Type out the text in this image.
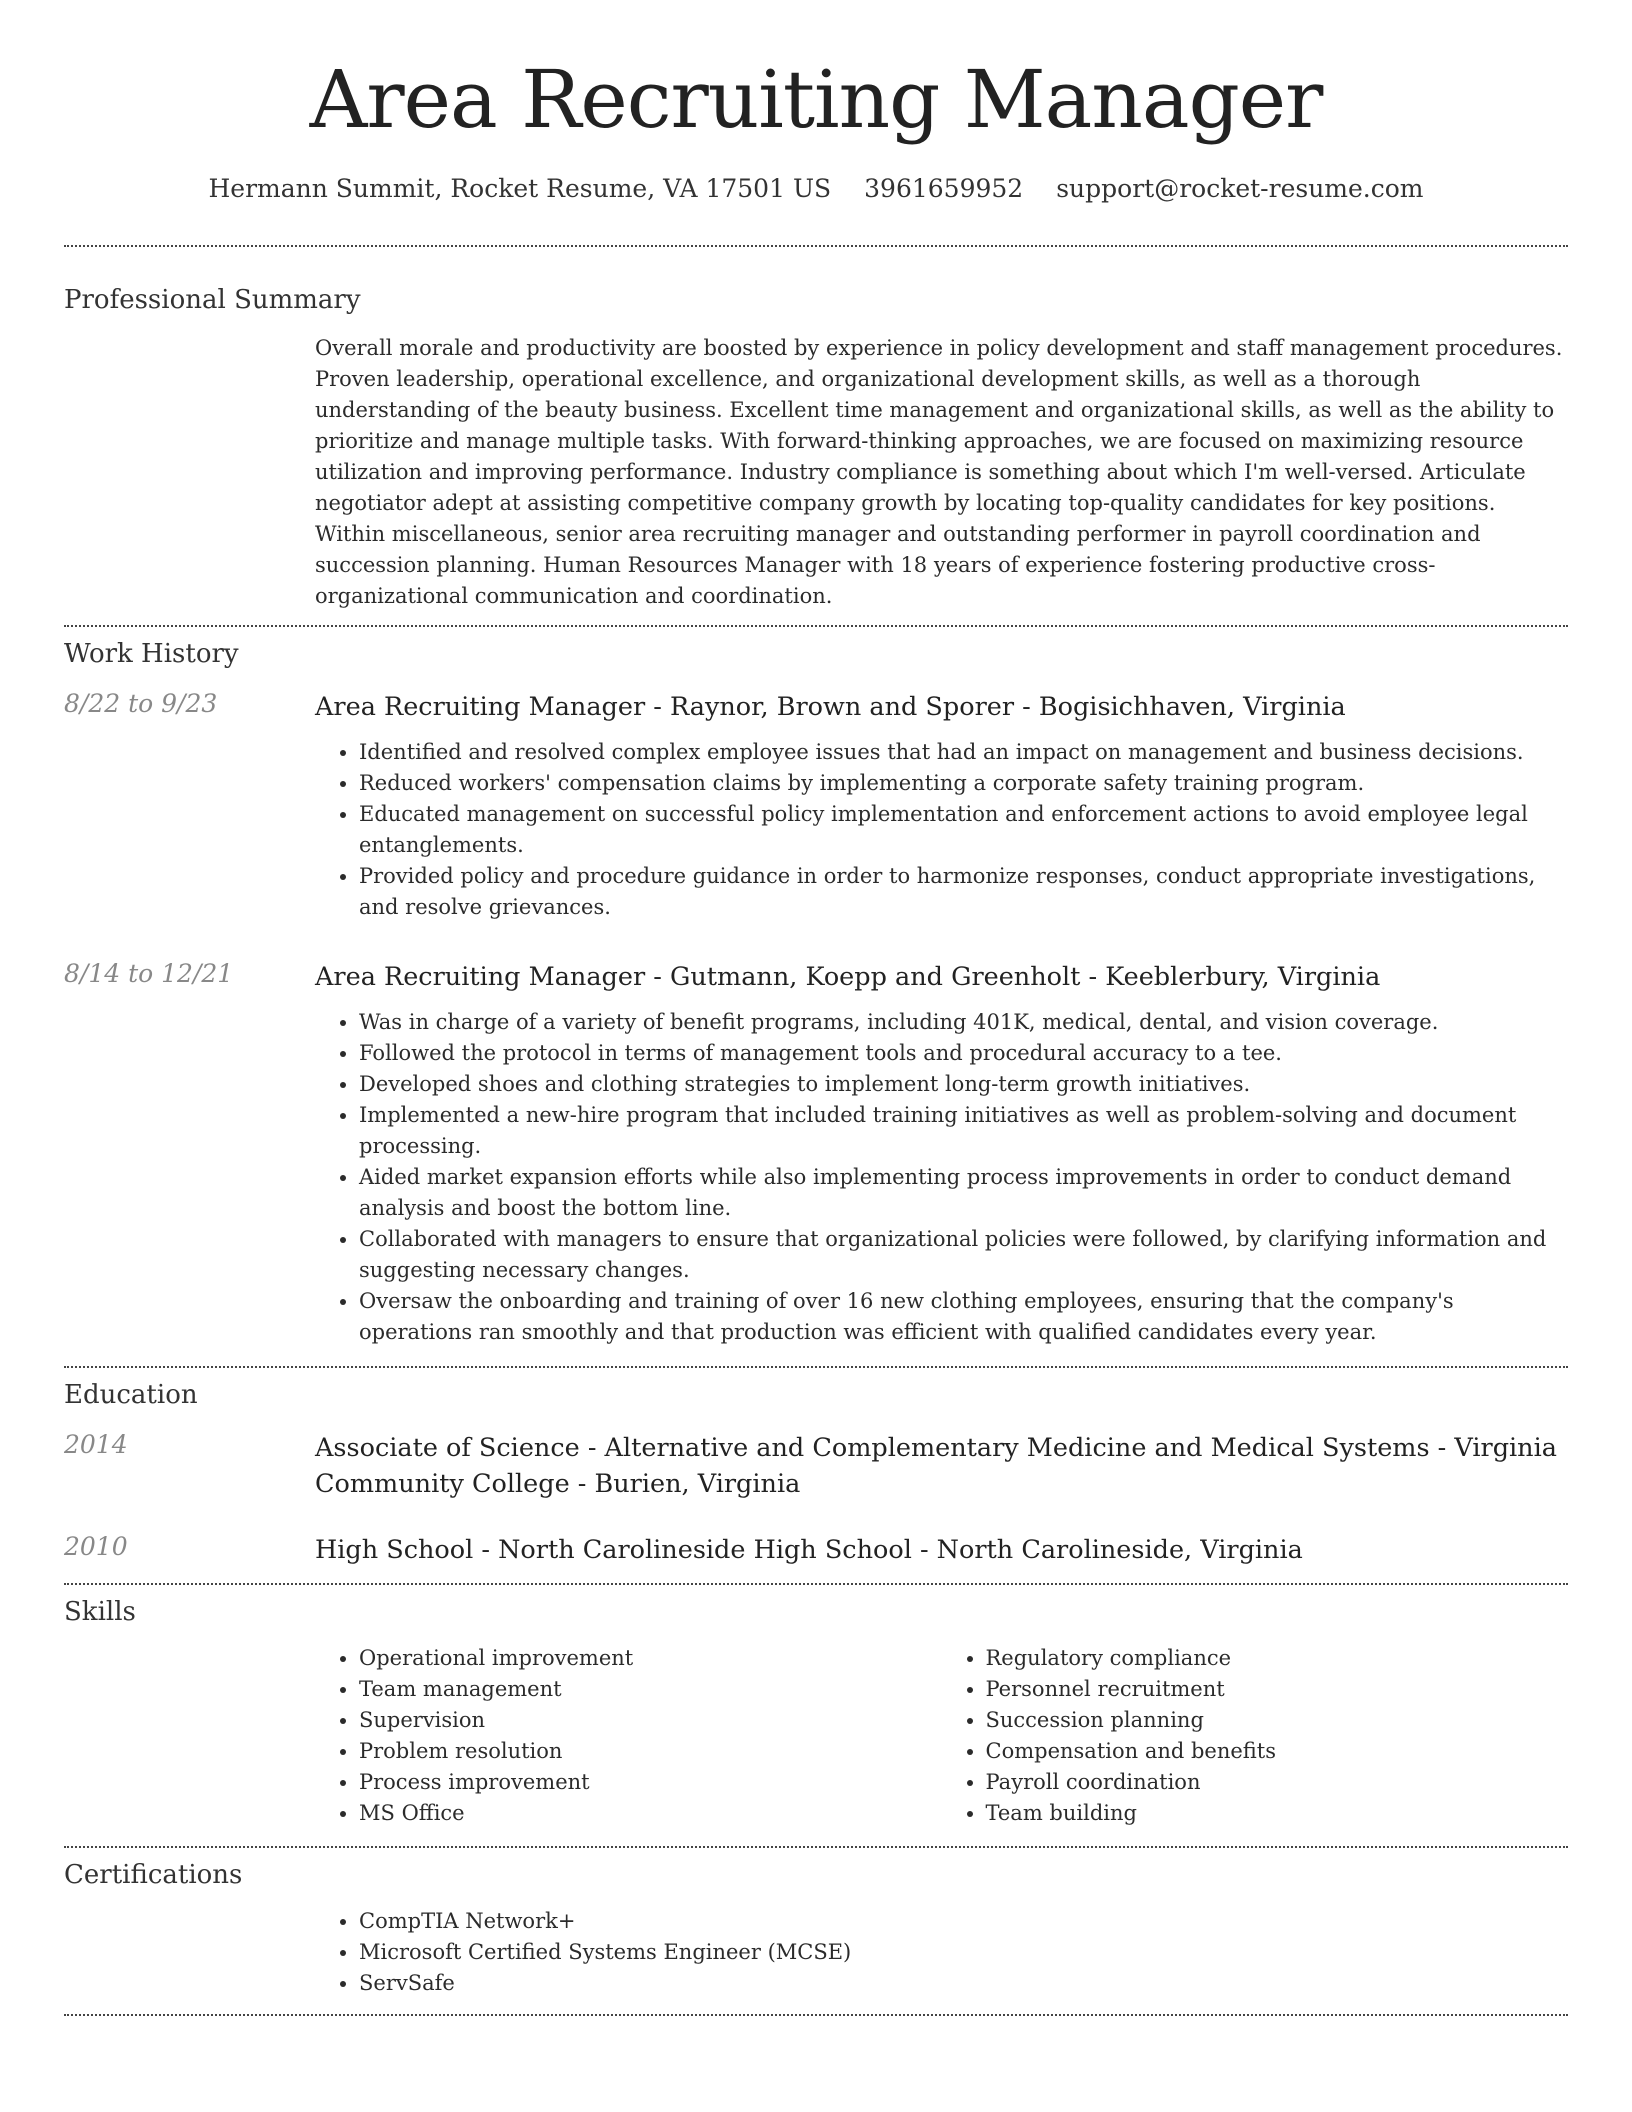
Area Recruiting Manager
Hermann Summit, Rocket Resume, VA 17501 US 3961659952 support@rocket-resume.com
Professional Summary
Overall morale and productivity are boosted by experience in policy development and staff management procedures. Proven leadership, operational excellence, and organizational development skills, as well as a thorough understanding of the beauty business. Excellent time management and organizational skills, as well as the ability to prioritize and manage multiple tasks. With forward-thinking approaches, we are focused on maximizing resource utilization and improving performance. Industry compliance is something about which I'm well-versed. Articulate negotiator adept at assisting competitive company growth by locating top-quality candidates for key positions. Within miscellaneous, senior area recruiting manager and outstanding performer in payroll coordination and succession planning. Human Resources Manager with 18 years of experience fostering productive cross-organizational communication and coordination.
Work History
8/22 to 9/23	Area Recruiting Manager - Raynor, Brown and Sporer - Bogisichhaven, Virginia
• Identified and resolved complex employee issues that had an impact on management and business decisions.
• Reduced workers' compensation claims by implementing a corporate safety training program.
• Educated management on successful policy implementation and enforcement actions to avoid employee legal entanglements.
• Provided policy and procedure guidance in order to harmonize responses, conduct appropriate investigations, and resolve grievances.
8/14 to 12/21	Area Recruiting Manager - Gutmann, Koepp and Greenholt - Keeblerbury, Virginia
• Was in charge of a variety of benefit programs, including 401K, medical, dental, and vision coverage.
• Followed the protocol in terms of management tools and procedural accuracy to a tee.
• Developed shoes and clothing strategies to implement long-term growth initiatives.
• Implemented a new-hire program that included training initiatives as well as problem-solving and document processing.
• Aided market expansion efforts while also implementing process improvements in order to conduct demand analysis and boost the bottom line.
• Collaborated with managers to ensure that organizational policies were followed, by clarifying information and suggesting necessary changes.
• Oversaw the onboarding and training of over 16 new clothing employees, ensuring that the company's operations ran smoothly and that production was efficient with qualified candidates every year.
Education
2014	Associate of Science - Alternative and Complementary Medicine and Medical Systems - Virginia Community College - Burien, Virginia
2010	High School - North Carolineside High School - North Carolineside, Virginia
Skills
• Operational improvement
• Team management
• Supervision
• Problem resolution
• Process improvement
• MS Office
• Regulatory compliance
• Personnel recruitment
• Succession planning
• Compensation and benefits
• Payroll coordination
• Team building
Certifications
• CompTIA Network+
• Microsoft Certified Systems Engineer (MCSE)
• ServSafe
